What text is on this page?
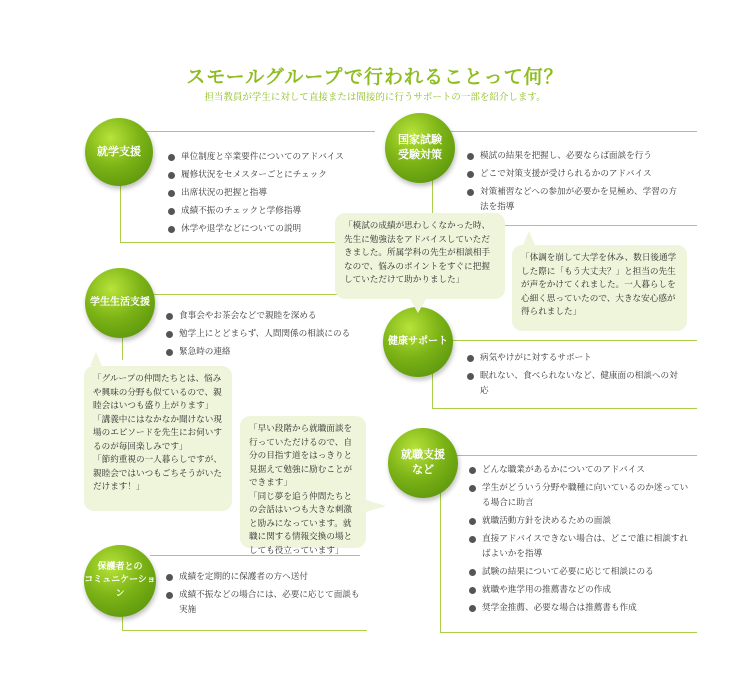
スモールグループで行われることって何？
担当教員が学生に対して直接または間接的に行うサポートの一部を紹介します。
就学支援
国家試験
受験対策
学生生活支援
健康サポート
就職支援
など
保護者との
コミュニケーション
単位制度と卒業要件についてのアドバイス
履修状況をセメスターごとにチェック
出席状況の把握と指導
成績不振のチェックと学修指導
休学や退学などについての説明
模試の結果を把握し、必要ならば面談を行う
どこで対策支援が受けられるかのアドバイス
対策補習などへの参加が必要かを見極め、学習の方法を指導
食事会やお茶会などで親睦を深める
勉学上にとどまらず、人間関係の相談にのる
緊急時の連絡
病気やけがに対するサポート
眠れない、食べられないなど、健康面の相談への対応
どんな職業があるかについてのアドバイス
学生がどういう分野や職種に向いているのか迷っている場合に助言
就職活動方針を決めるための面談
直接アドバイスできない場合は、どこで誰に相談すればよいかを指導
試験の結果について必要に応じて相談にのる
就職や進学用の推薦書などの作成
奨学金推薦、必要な場合は推薦書も作成
成績を定期的に保護者の方へ送付
成績不振などの場合には、必要に応じて面談も実施
「模試の成績が思わしくなかった時、先生に勉強法をアドバイスしていただきました。所属学科の先生が相談相手なので、悩みのポイントをすぐに把握していただけて助かりました」
「体調を崩して大学を休み、数日後通学した際に「もう大丈夫？」と担当の先生が声をかけてくれました。一人暮らしを心細く思っていたので、大きな安心感が得られました」
「グループの仲間たちとは、悩みや興味の分野も似ているので、親睦会はいつも盛り上がります」
「講義中にはなかなか聞けない現場のエピソードを先生にお伺いするのが毎回楽しみです」
「節約重視の一人暮らしですが、親睦会ではいつもごちそうがいただけます！」
「早い段階から就職面談を行っていただけるので、自分の目指す道をはっきりと見据えて勉強に励むことができます」
「同じ夢を追う仲間たちとの会話はいつも大きな刺激と励みになっています。就職に関する情報交換の場としても役立っています」
